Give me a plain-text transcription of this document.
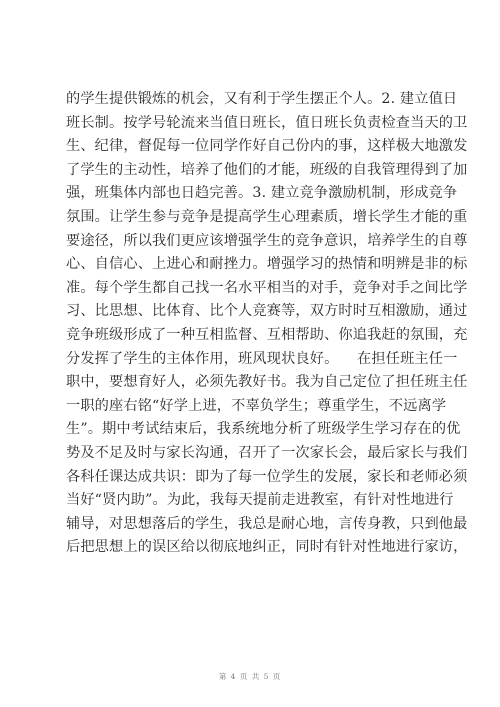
的学生提供锻炼的机会，又有利于学生摆正个人。2. 建立值日
班长制。按学号轮流来当值日班长，值日班长负责检查当天的卫
生、纪律，督促每一位同学作好自己份内的事，这样极大地激发
了学生的主动性，培养了他们的才能，班级的自我管理得到了加
强，班集体内部也日趋完善。3. 建立竞争激励机制，形成竞争
氛围。让学生参与竞争是提高学生心理素质，增长学生才能的重
要途径，所以我们更应该增强学生的竞争意识，培养学生的自尊
心、自信心、上进心和耐挫力。增强学习的热情和明辨是非的标
准。每个学生都自己找一名水平相当的对手，竞争对手之间比学
习、比思想、比体育、比个人竞赛等，双方时时互相激励，通过
竞争班级形成了一种互相监督、互相帮助、你追我赶的氛围，充
分发挥了学生的主体作用，班风现状良好。    在担任班主任一
职中，要想育好人，必须先教好书。我为自己定位了担任班主任
一职的座右铭“好学上进，不辜负学生；尊重学生，不远离学
生”。期中考试结束后，我系统地分析了班级学生学习存在的优
势及不足及时与家长沟通，召开了一次家长会，最后家长与我们
各科任课达成共识：即为了每一位学生的发展，家长和老师必须
当好“贤内助”。为此，我每天提前走进教室，有针对性地进行
辅导，对思想落后的学生，我总是耐心地，言传身教，只到他最
后把思想上的误区给以彻底地纠正，同时有针对性地进行家访，
第 4 页 共 5 页
